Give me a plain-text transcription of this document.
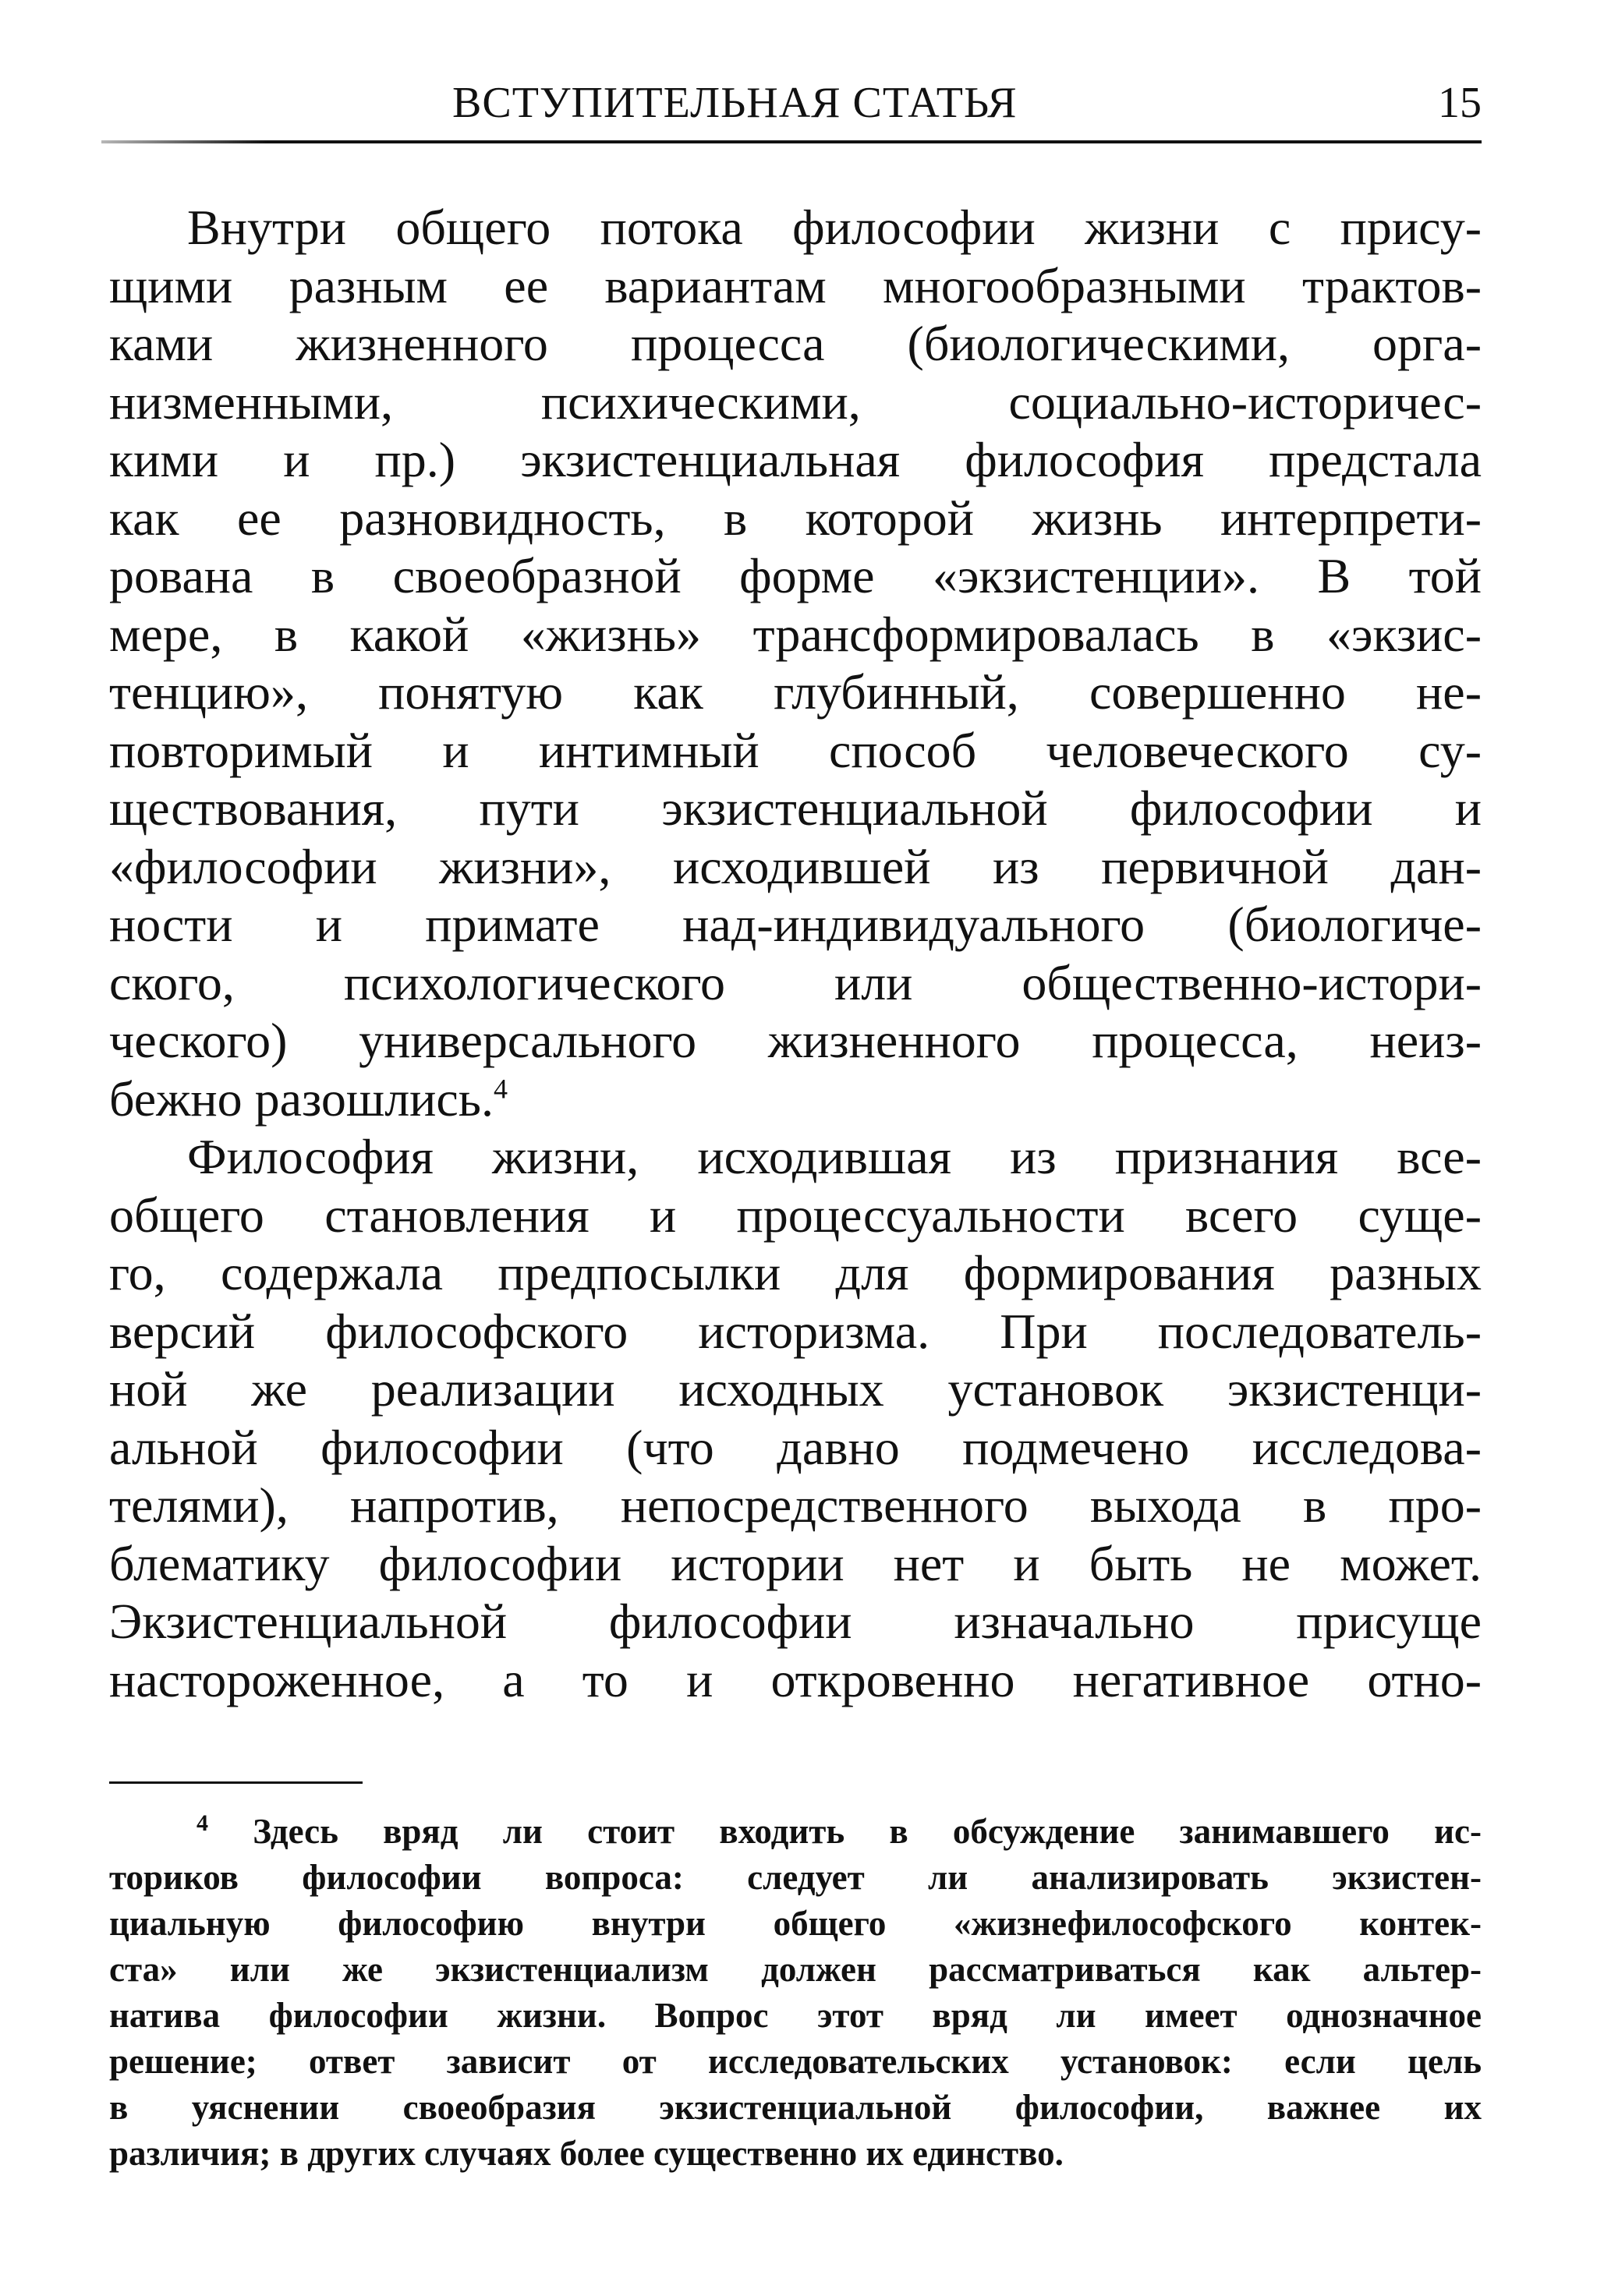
ВСТУПИТЕЛЬНАЯ СТАТЬЯ	15
Внутри общего потока философии жизни с прису-
щими разным ее вариантам многообразными трактов-
ками жизненного процесса (биологическими, орга-
низменными, психическими, социально-историчес-
кими и пр.) экзистенциальная философия предстала
как ее разновидность, в которой жизнь интерпрети-
рована в своеобразной форме «экзистенции». В той
мере, в какой «жизнь» трансформировалась в «экзис-
тенцию», понятую как глубинный, совершенно не-
повторимый и интимный способ человеческого су-
ществования, пути экзистенциальной философии и
«философии жизни», исходившей из первичной дан-
ности и примате над-индивидуального (биологиче-
ского, психологического или общественно-истори-
ческого) универсального жизненного процесса, неиз-
бежно разошлись.$^4$
Философия жизни, исходившая из признания все-
общего становления и процессуальности всего суще-
го, содержала предпосылки для формирования разных
версий философского историзма. При последователь-
ной же реализации исходных установок экзистенци-
альной философии (что давно подмечено исследова-
телями), напротив, непосредственного выхода в про-
блематику философии истории нет и быть не может.
Экзистенциальной философии изначально присуще
настороженное, а то и откровенно негативное отно-
$^4$ Здесь вряд ли стоит входить в обсуждение занимавшего ис-
ториков философии вопроса: следует ли анализировать экзистен-
циальную философию внутри общего «жизнефилософского контек-
ста» или же экзистенциализм должен рассматриваться как альтер-
натива философии жизни. Вопрос этот вряд ли имеет однозначное
решение; ответ зависит от исследовательских установок: если цель
в уяснении своеобразия экзистенциальной философии, важнее их
различия; в других случаях более существенно их единство.
